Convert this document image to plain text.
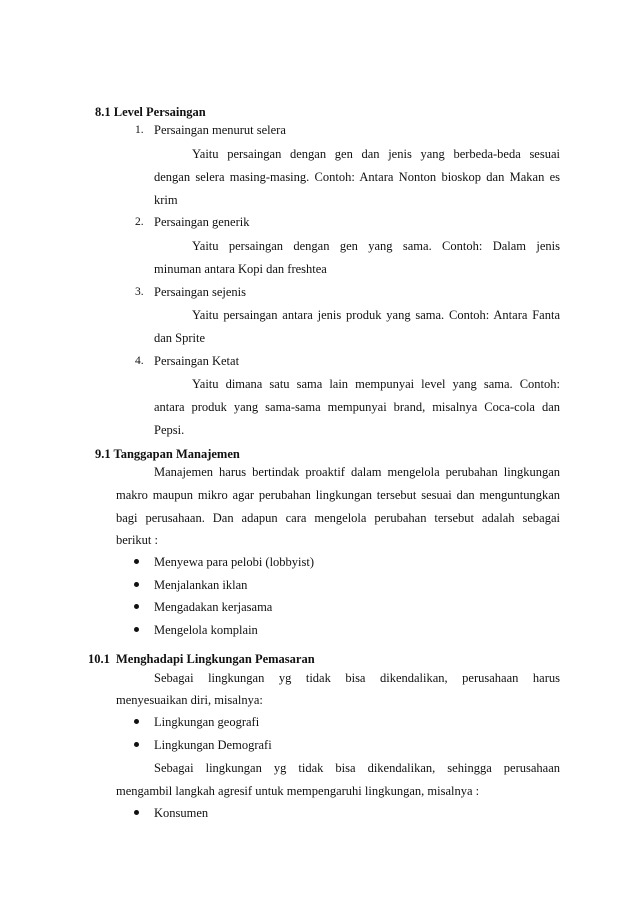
8.1 Level Persaingan
1. Persaingan menurut selera
Yaitu persaingan dengan gen dan jenis yang berbeda-beda sesuai
dengan selera masing-masing. Contoh: Antara Nonton bioskop dan Makan es
krim
2. Persaingan generik
Yaitu persaingan dengan gen yang sama. Contoh: Dalam jenis
minuman antara Kopi dan freshtea
3. Persaingan sejenis
Yaitu persaingan antara jenis produk yang sama. Contoh: Antara Fanta
dan Sprite
4. Persaingan Ketat
Yaitu dimana satu sama lain mempunyai level yang sama. Contoh:
antara produk yang sama-sama mempunyai brand, misalnya Coca-cola dan
Pepsi.
9.1 Tanggapan Manajemen
Manajemen harus bertindak proaktif dalam mengelola perubahan lingkungan
makro maupun mikro agar perubahan lingkungan tersebut sesuai dan menguntungkan
bagi perusahaan. Dan adapun cara mengelola perubahan tersebut adalah sebagai
berikut :
Menyewa para pelobi (lobbyist)
Menjalankan iklan
Mengadakan kerjasama
Mengelola komplain
10.1 Menghadapi Lingkungan Pemasaran
Sebagai lingkungan yg tidak bisa dikendalikan, perusahaan harus
menyesuaikan diri, misalnya:
Lingkungan geografi
Lingkungan Demografi
Sebagai lingkungan yg tidak bisa dikendalikan, sehingga perusahaan
mengambil langkah agresif untuk mempengaruhi lingkungan, misalnya :
Konsumen
